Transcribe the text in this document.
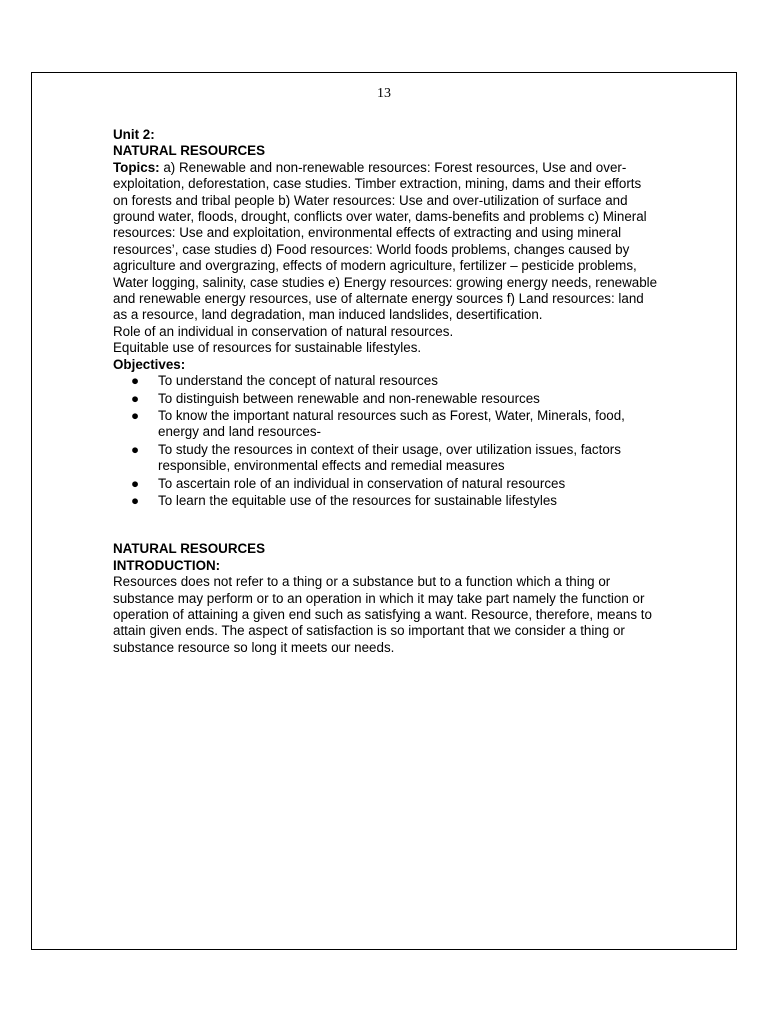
13

Unit 2:

NATURAL RESOURCES

Topics: a) Renewable and non-renewable resources: Forest resources, Use and over-exploitation, deforestation, case studies. Timber extraction, mining, dams and their efforts on forests and tribal people b) Water resources: Use and over-utilization of surface and ground water, floods, drought, conflicts over water, dams-benefits and problems c) Mineral resources: Use and exploitation, environmental effects of extracting and using mineral resources’, case studies d) Food resources: World foods problems, changes caused by agriculture and overgrazing, effects of modern agriculture, fertilizer – pesticide problems, Water logging, salinity, case studies e) Energy resources: growing energy needs, renewable and renewable energy resources, use of alternate energy sources f) Land resources: land as a resource, land degradation, man induced landslides, desertification.

Role of an individual in conservation of natural resources.

Equitable use of resources for sustainable lifestyles.

Objectives:

● To understand the concept of natural resources
● To distinguish between renewable and non-renewable resources
● To know the important natural resources such as Forest, Water, Minerals, food, energy and land resources-
● To study the resources in context of their usage, over utilization issues, factors responsible, environmental effects and remedial measures
● To ascertain role of an individual in conservation of natural resources
● To learn the equitable use of the resources for sustainable lifestyles

NATURAL RESOURCES

INTRODUCTION:

Resources does not refer to a thing or a substance but to a function which a thing or substance may perform or to an operation in which it may take part namely the function or operation of attaining a given end such as satisfying a want. Resource, therefore, means to attain given ends. The aspect of satisfaction is so important that we consider a thing or substance resource so long it meets our needs.
